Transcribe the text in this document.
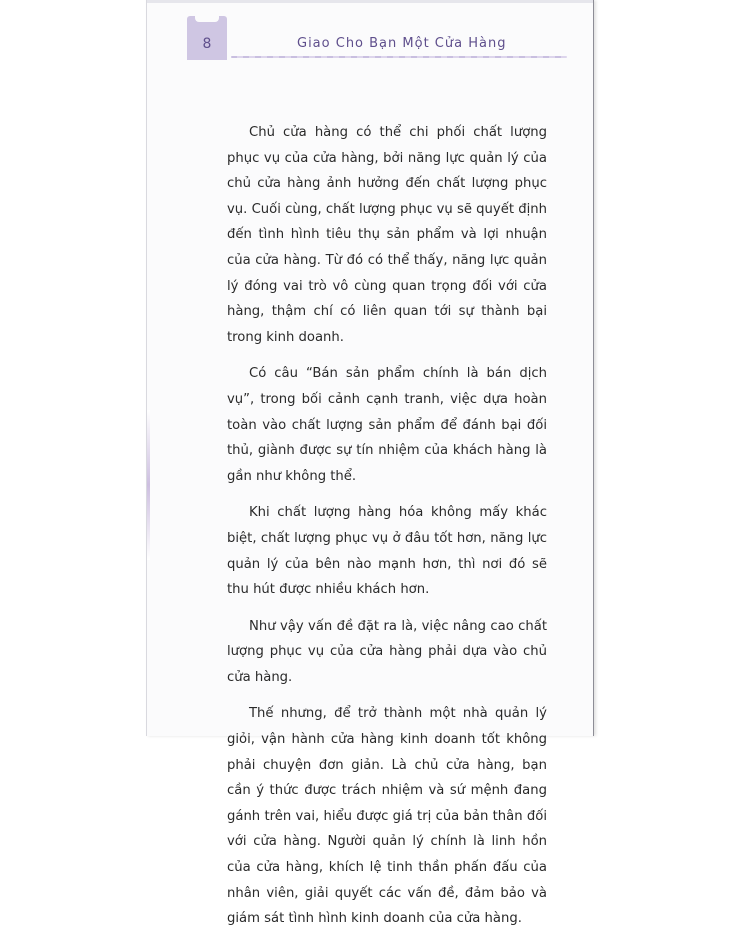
8	Giao Cho Bạn Một Cửa Hàng

Chủ cửa hàng có thể chi phối chất lượng phục vụ của cửa hàng, bởi năng lực quản lý của chủ cửa hàng ảnh hưởng đến chất lượng phục vụ. Cuối cùng, chất lượng phục vụ sẽ quyết định đến tình hình tiêu thụ sản phẩm và lợi nhuận của cửa hàng. Từ đó có thể thấy, năng lực quản lý đóng vai trò vô cùng quan trọng đối với cửa hàng, thậm chí có liên quan tới sự thành bại trong kinh doanh.

Có câu “Bán sản phẩm chính là bán dịch vụ”, trong bối cảnh cạnh tranh, việc dựa hoàn toàn vào chất lượng sản phẩm để đánh bại đối thủ, giành được sự tín nhiệm của khách hàng là gần như không thể.

Khi chất lượng hàng hóa không mấy khác biệt, chất lượng phục vụ ở đâu tốt hơn, năng lực quản lý của bên nào mạnh hơn, thì nơi đó sẽ thu hút được nhiều khách hơn.

Như vậy vấn đề đặt ra là, việc nâng cao chất lượng phục vụ của cửa hàng phải dựa vào chủ cửa hàng.

Thế nhưng, để trở thành một nhà quản lý giỏi, vận hành cửa hàng kinh doanh tốt không phải chuyện đơn giản. Là chủ cửa hàng, bạn cần ý thức được trách nhiệm và sứ mệnh đang gánh trên vai, hiểu được giá trị của bản thân đối với cửa hàng. Người quản lý chính là linh hồn của cửa hàng, khích lệ tinh thần phấn đấu của nhân viên, giải quyết các vấn đề, đảm bảo và giám sát tình hình kinh doanh của cửa hàng.
